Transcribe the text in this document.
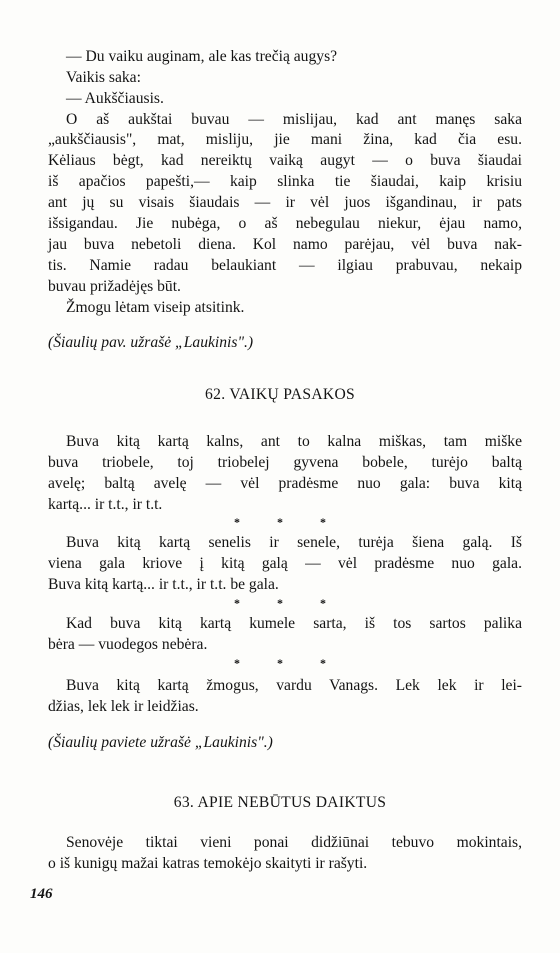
— Du vaiku auginam, ale kas trečią augys?
Vaikis saka:
— Aukščiausis.
O aš aukštai buvau — mislijau, kad ant manęs saka
„aukščiausis", mat, misliju, jie mani žina, kad čia esu.
Kėliaus bėgt, kad nereiktų vaiką augyt — o buva šiaudai
iš apačios papešti,— kaip slinka tie šiaudai, kaip krisiu
ant jų su visais šiaudais — ir vėl juos išgandinau, ir pats
išsigandau. Jie nubėga, o aš nebegulau niekur, ėjau namo,
jau buva nebetoli diena. Kol namo parėjau, vėl buva nak-
tis. Namie radau belaukiant — ilgiau prabuvau, nekaip
buvau prižadėjęs būt.
Žmogu lėtam viseip atsitink.
(Šiaulių pav. užrašė „Laukinis".)
62. VAIKŲ PASAKOS
Buva kitą kartą kalns, ant to kalna miškas, tam miške
buva triobele, toj triobelej gyvena bobele, turėjo baltą
avelę; baltą avelę — vėl pradėsme nuo gala: buva kitą
kartą... ir t.t., ir t.t.
* * *
Buva kitą kartą senelis ir senele, turėja šiena galą. Iš
viena gala kriove į kitą galą — vėl pradėsme nuo gala.
Buva kitą kartą... ir t.t., ir t.t. be gala.
* * *
Kad buva kitą kartą kumele sarta, iš tos sartos palika
bėra — vuodegos nebėra.
* * *
Buva kitą kartą žmogus, vardu Vanags. Lek lek ir lei-
džias, lek lek ir leidžias.
(Šiaulių paviete užrašė „Laukinis".)
63. APIE NEBŪTUS DAIKTUS
Senovėje tiktai vieni ponai didžiūnai tebuvo mokintais,
o iš kunigų mažai katras temokėjo skaityti ir rašyti.
146
